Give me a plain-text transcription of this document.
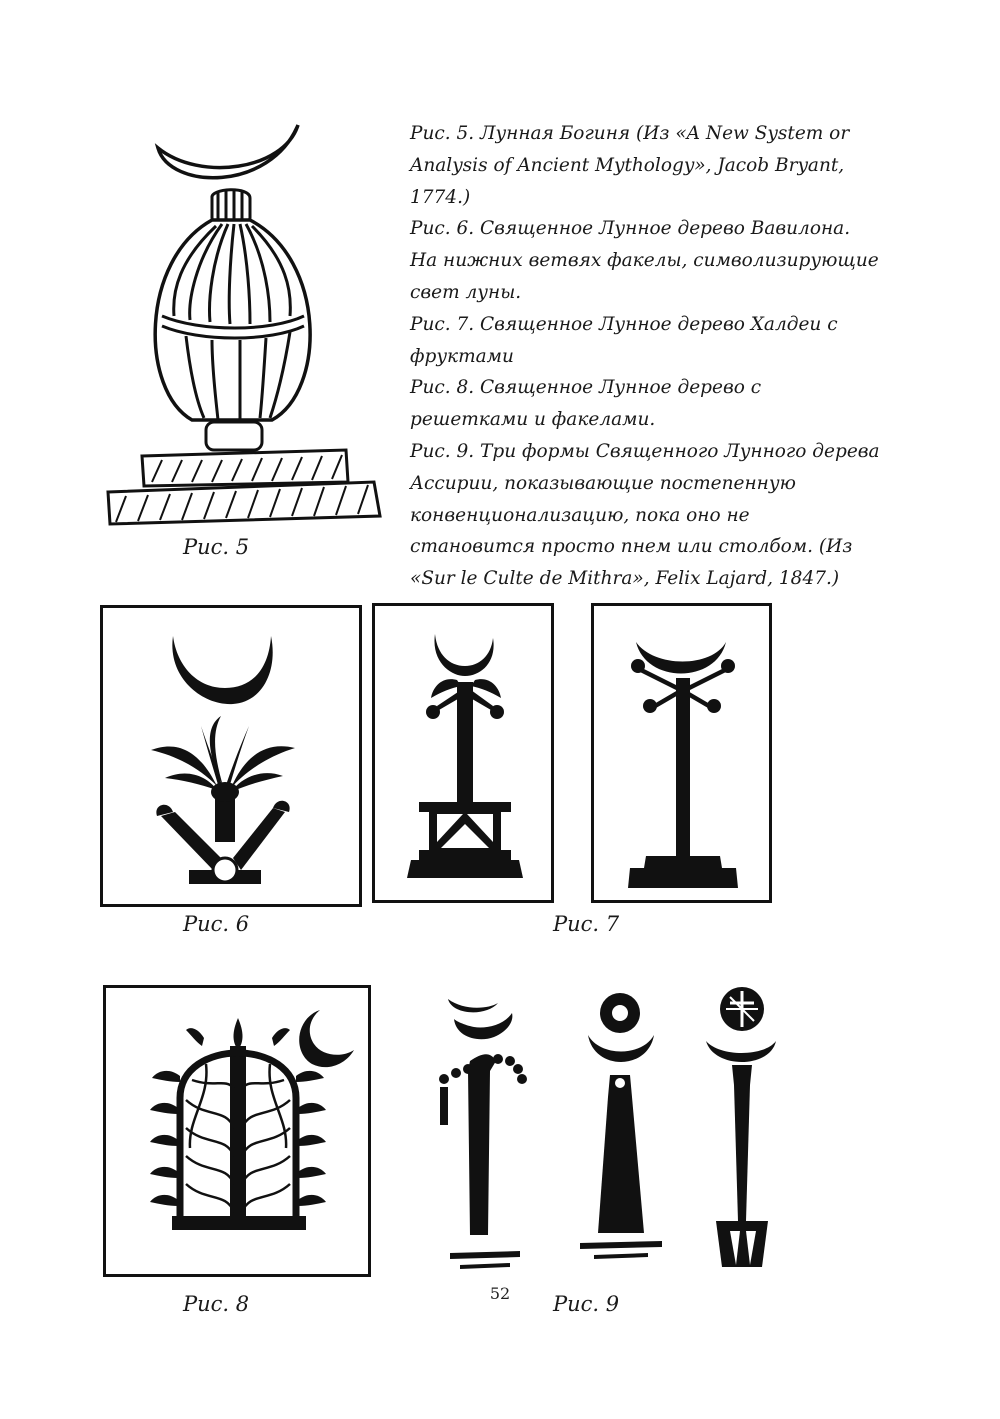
Рис. 5. Лунная Богиня (Из «A New System or Analysis of Ancient Mythology», Jacob Bryant, 1774.)

Рис. 6. Священное Лунное дерево Вавилона. На нижних ветвях факелы, символизирующие свет луны.

Рис. 7. Священное Лунное дерево Халдеи с фруктами

Рис. 8. Священное Лунное дерево с решетками и факелами.

Рис. 9. Три формы Священного Лунного дерева Ассирии, показывающие постепенную конвенционализацию, пока оно не становится просто пнем или столбом. (Из «Sur le Culte de Mithra», Felix Lajard, 1847.)

Рис. 5
Рис. 6	Рис. 7
Рис. 8	Рис. 9
52
